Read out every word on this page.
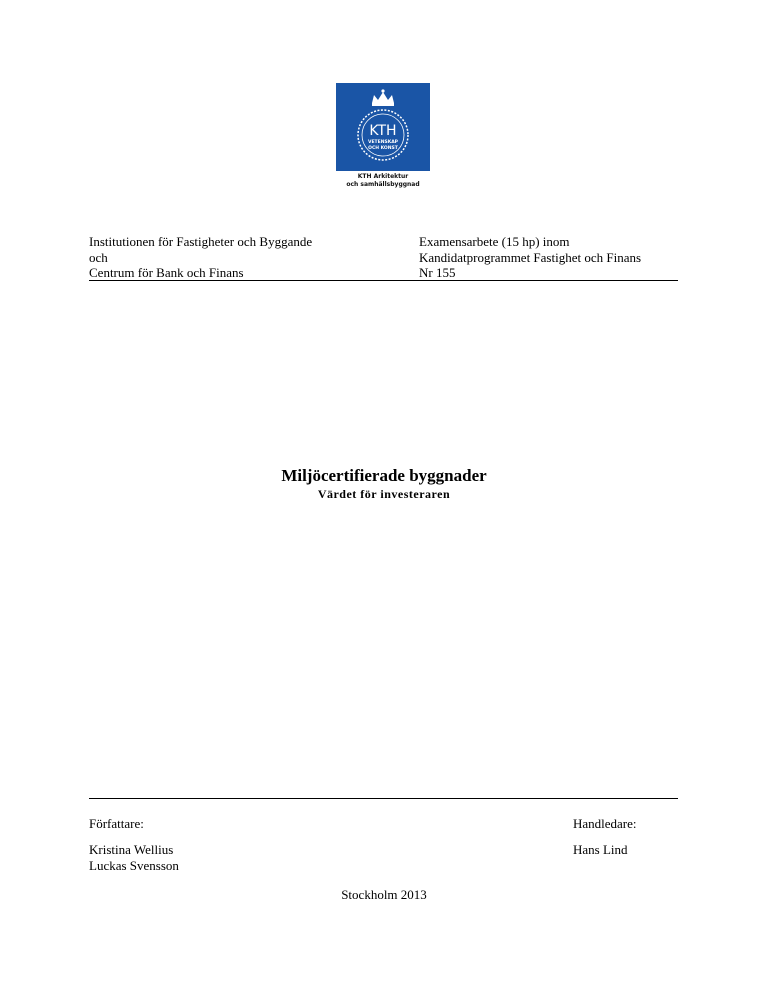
KTH
VETENSKAP
OCH KONST
KTH Arkitektur
och samhällsbyggnad
Institutionen för Fastigheter och Byggande
och
Centrum för Bank och Finans
Examensarbete (15 hp) inom
Kandidatprogrammet Fastighet och Finans
Nr 155
Miljöcertifierade byggnader
Värdet för investeraren
Författare:
Kristina Wellius
Luckas Svensson
Handledare:
Hans Lind
Stockholm 2013
